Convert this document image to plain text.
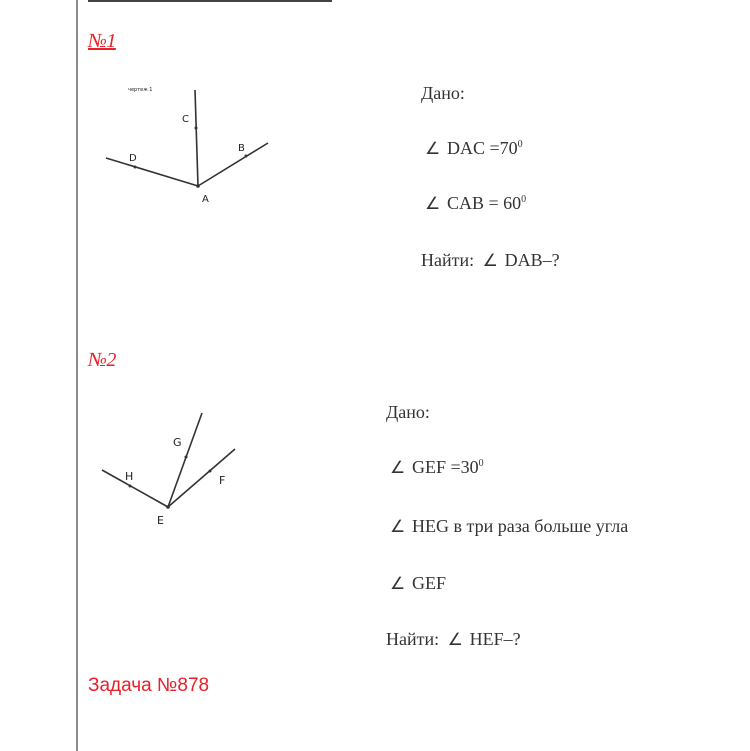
№1
чертеж 1
A
C
D
B
Дано:
∠ DAC $=70^0$
∠ CAB = $60^0$
Найти: ∠ DAB–?
№2
E
H
G
F
Дано:
∠ GEF $=30^0$
∠ HEG в три раза больше угла
∠ GEF
Найти: ∠ HEF–?
Задача №878
